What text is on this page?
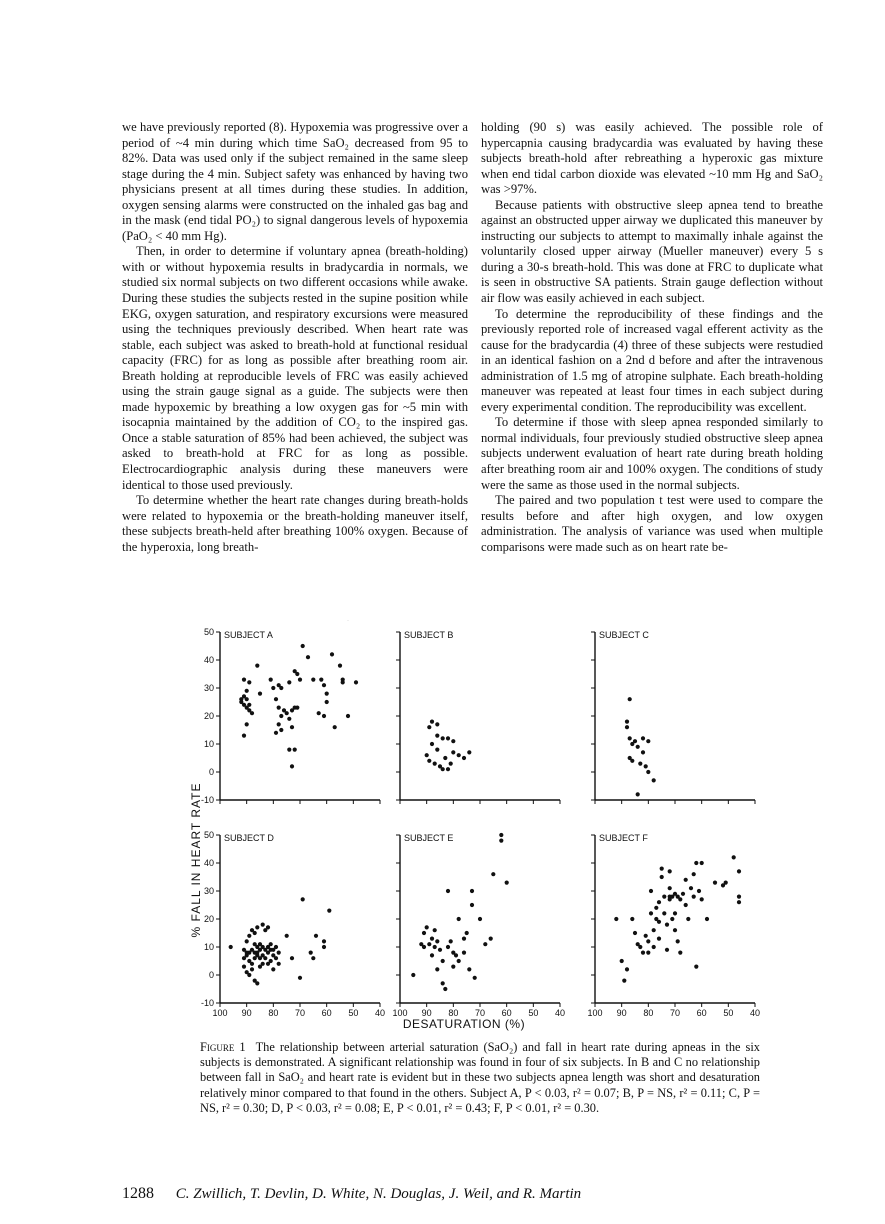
we have previously reported (8). Hypoxemia was progressive over a period of ~4 min during which time SaO₂ decreased from 95 to 82%. Data was used only if the subject remained in the same sleep stage during the 4 min. Subject safety was enhanced by having two physicians present at all times during these studies. In addition, oxygen sensing alarms were constructed on the inhaled gas bag and in the mask (end tidal PO₂) to signal dangerous levels of hypoxemia (PaO₂ < 40 mm Hg).

Then, in order to determine if voluntary apnea (breath-holding) with or without hypoxemia results in bradycardia in normals, we studied six normal subjects on two different occasions while awake. During these studies the subjects rested in the supine position while EKG, oxygen saturation, and respiratory excursions were measured using the techniques previously described. When heart rate was stable, each subject was asked to breath-hold at functional residual capacity (FRC) for as long as possible after breathing room air. Breath holding at reproducible levels of FRC was easily achieved using the strain gauge signal as a guide. The subjects were then made hypoxemic by breathing a low oxygen gas for ~5 min with isocapnia maintained by the addition of CO₂ to the inspired gas. Once a stable saturation of 85% had been achieved, the subject was asked to breath-hold at FRC for as long as possible. Electrocardiographic analysis during these maneuvers were identical to those used previously.

To determine whether the heart rate changes during breath-holds were related to hypoxemia or the breath-holding maneuver itself, these subjects breath-held after breathing 100% oxygen. Because of the hyperoxia, long breath-

holding (90 s) was easily achieved. The possible role of hypercapnia causing bradycardia was evaluated by having these subjects breath-hold after rebreathing a hyperoxic gas mixture when end tidal carbon dioxide was elevated ~10 mm Hg and SaO₂ was >97%.

Because patients with obstructive sleep apnea tend to breathe against an obstructed upper airway we duplicated this maneuver by instructing our subjects to attempt to maximally inhale against the voluntarily closed upper airway (Mueller maneuver) every 5 s during a 30-s breath-hold. This was done at FRC to duplicate what is seen in obstructive SA patients. Strain gauge deflection without air flow was easily achieved in each subject.

To determine the reproducibility of these findings and the previously reported role of increased vagal efferent activity as the cause for the bradycardia (4) three of these subjects were restudied in an identical fashion on a 2nd d before and after the intravenous administration of 1.5 mg of atropine sulphate. Each breath-holding maneuver was repeated at least four times in each subject during every experimental condition. The reproducibility was excellent.

To determine if those with sleep apnea responded similarly to normal individuals, four previously studied obstructive sleep apnea subjects underwent evaluation of heart rate during breath holding after breathing room air and 100% oxygen. The conditions of study were the same as those used in the normal subjects.

The paired and two population t test were used to compare the results before and after high oxygen, and low oxygen administration. The analysis of variance was used when multiple comparisons were made such as on heart rate be-

% FALL IN HEART RATE
DESATURATION (%)
50
40
30
20
10
0
-10
SUBJECT A	SUBJECT B	SUBJECT C
50
40
30
20
10
0
-10
100 90 80 70 60 50 40
SUBJECT D
100 90 80 70 60 50 40
SUBJECT E
100 90 80 70 60 50 40
SUBJECT F
Figure 1 The relationship between arterial saturation (SaO₂) and fall in heart rate during apneas in the six subjects is demonstrated. A significant relationship was found in four of six subjects. In B and C no relationship between fall in SaO₂ and heart rate is evident but in these two subjects apnea length was short and desaturation relatively minor compared to that found in the others. Subject A, P < 0.03, r² = 0.07; B, P = NS, r² = 0.11; C, P = NS, r² = 0.30; D, P < 0.03, r² = 0.08; E, P < 0.01, r² = 0.43; F, P < 0.01, r² = 0.30.
1288 C. Zwillich, T. Devlin, D. White, N. Douglas, J. Weil, and R. Martin
